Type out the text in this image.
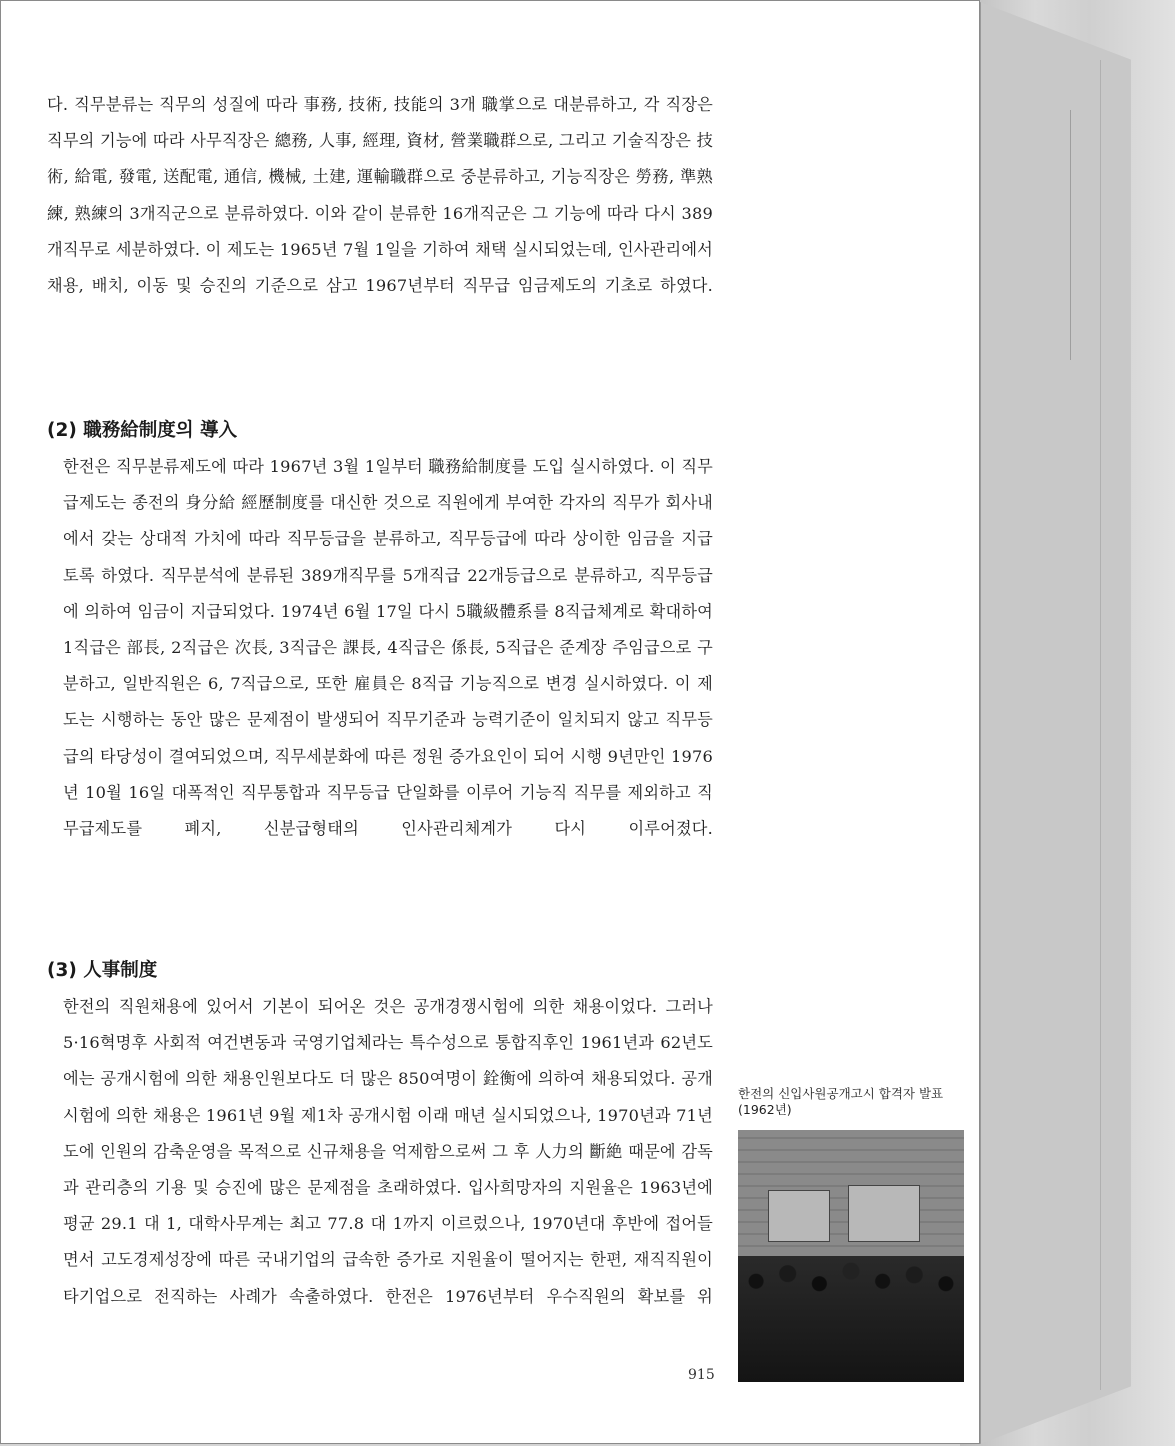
다. 직무분류는 직무의 성질에 따라 事務, 技術, 技能의 3개 職掌으로 대분류하고, 각 직장은 직무의 기능에 따라 사무직장은 總務, 人事, 經理, 資材, 營業職群으로, 그리고 기술직장은 技術, 給電, 發電, 送配電, 通信, 機械, 土建, 運輸職群으로 중분류하고, 기능직장은 勞務, 準熟練, 熟練의 3개직군으로 분류하였다. 이와 같이 분류한 16개직군은 그 기능에 따라 다시 389개직무로 세분하였다. 이 제도는 1965년 7월 1일을 기하여 채택 실시되었는데, 인사관리에서 채용, 배치, 이동 및 승진의 기준으로 삼고 1967년부터 직무급 임금제도의 기초로 하였다.

(2) 職務給制度의 導入

한전은 직무분류제도에 따라 1967년 3월 1일부터 職務給制度를 도입 실시하였다. 이 직무급제도는 종전의 身分給 經歷制度를 대신한 것으로 직원에게 부여한 각자의 직무가 회사내에서 갖는 상대적 가치에 따라 직무등급을 분류하고, 직무등급에 따라 상이한 임금을 지급토록 하였다. 직무분석에 분류된 389개직무를 5개직급 22개등급으로 분류하고, 직무등급에 의하여 임금이 지급되었다. 1974년 6월 17일 다시 5職級體系를 8직급체계로 확대하여 1직급은 部長, 2직급은 次長, 3직급은 課長, 4직급은 係長, 5직급은 준계장 주임급으로 구분하고, 일반직원은 6, 7직급으로, 또한 雇員은 8직급 기능직으로 변경 실시하였다. 이 제도는 시행하는 동안 많은 문제점이 발생되어 직무기준과 능력기준이 일치되지 않고 직무등급의 타당성이 결여되었으며, 직무세분화에 따른 정원 증가요인이 되어 시행 9년만인 1976년 10월 16일 대폭적인 직무통합과 직무등급 단일화를 이루어 기능직 직무를 제외하고 직무급제도를 폐지, 신분급형태의 인사관리체계가 다시 이루어졌다.

(3) 人事制度

한전의 직원채용에 있어서 기본이 되어온 것은 공개경쟁시험에 의한 채용이었다. 그러나 5·16혁명후 사회적 여건변동과 국영기업체라는 특수성으로 통합직후인 1961년과 62년도에는 공개시험에 의한 채용인원보다도 더 많은 850여명이 銓衡에 의하여 채용되었다. 공개시험에 의한 채용은 1961년 9월 제1차 공개시험 이래 매년 실시되었으나, 1970년과 71년도에 인원의 감축운영을 목적으로 신규채용을 억제함으로써 그 후 人力의 斷絶 때문에 감독과 관리층의 기용 및 승진에 많은 문제점을 초래하였다. 입사희망자의 지원율은 1963년에 평균 29.1 대 1, 대학사무계는 최고 77.8 대 1까지 이르렀으나, 1970년대 후반에 접어들면서 고도경제성장에 따른 국내기업의 급속한 증가로 지원율이 떨어지는 한편, 재직직원이 타기업으로 전직하는 사례가 속출하였다. 한전은 1976년부터 우수직원의 확보를 위

한전의 신입사원공개고시 합격자 발표
(1962년)

915
